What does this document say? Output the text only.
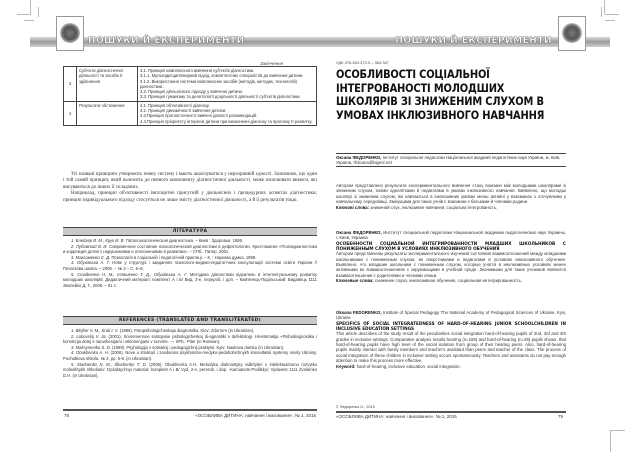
ПОШУКИ Й ЕКСПЕРИМЕНТИ
Закінчення
3	Суб'єкти діагностичної діяльності та засоби її здійснення	3.1. Принцип комплексного вивчення суб'єктів діагностики.

3.1.1. Мультидисциплінарний підхід, компетентних спеціалістів до вивчення дитини.

3.1.2. Використання системи комплексних засобів (методів, методик, технологій) діагностики.

3.2. Принцип діяльнісного підходу у вивченні дитини.

3.3. Принцип гуманізму та деонтології доцільності діяльності суб'єктів діагностики.

4	Результати обстеження	4.1. Принцип об'єктивності діагнозу.

4.2. Принцип динамічності вивчення дитини.

4.3.Принцип прогностичності вивчені дієвості рекомендацій.

4.4.Принцип пріоритету інтересів дитини при визначенні діагнозу та прогнозу її розвитку.

Усі названі принципи утворюють певну систему і мають аналізуватися у нерозривній єдності. Зазначимо, що один і той самий принцип, який належить до певного компоненту діагностичної діяльності, може охоплювати вимоги, які висуваються до інших її складових.

Наприклад, принцип об'єктивності імпліцитно присутній у діяльнісних і процедурних аспектах діагностики; принцип індивідуального підходу стосується не лише змісту діагностичної діяльності, а й її результатів тощо.

ЛІТЕРАТУРА

1. Блейхер В. М., Крук И. В. Патопсихологическая диагностика. – Киев : Здоровья, 1986.

2. Лубовский В. И. Современное состояние психологической диагностики в дефектологии. Хрестоматия «Психодиагностика и коррекция детей с нарушениями и отклонениями в развитии». – СПб.: Питер, 2001.

3. Максименко С. Д. Психологія в соціальній і педагогічній практиці. – К. : Наукова думка, 1999.

4. Обухівська А. Г. Нове у структурі і завданнях психолого-медико-педагогічних консультацій системи освіти України // Початкова школа. – 2006. – № 2 – С. 5–8.

5. Стадненко Н. М., Ілляшенко Т. Д., Обухівська А. Г. Методика діагностики відхилень в інтелектуальному розвитку молодших школярів: Дидактичний матеріал: комплект А і Б/ Вид. 2-е, перероб. і доп. – Кам'янець-Подільський: Видавець 1111 Зволейко Д. Г., 2006. – 81 с.

REFERENCES (TRANSLATED AND TRANSLITERATED)

1. Blejher V. M., Kruk I. V. (1986). Patopsihologicheskaja diagnostika. Kiev: Zdorov'e (in Ukrainian).

2. Lubovskij V. Ja. (2001). Sovremennoe sostojanie psihologicheskoj di-agnostiki v defektologi. Hrestomatija «Psihodiagnostika i korrekcija detej s narushenijami i otklonenijami v razvitii». — SPb.: Piter (in Russian).

3. Maksymenko S. D. (1999). Psyhologija v sotsialnij i pedagogichnij praktytsi. Kyiv: Naukova dumka (in Ukrainian).

4. Obukhivska A. H. (2006). Nove u strukturi i zavdannia psykholoho-medyko-pedahohichnykh konsultatsii systemy osvity Ukrainy. Pochatkova shkola, № 2, pp. 5-8. (in Ukrainian).

5. Stadnenko N. M., Illiashenko T. D. (2006). Obukhivska A.H. Metodyka diahnostyky vidkhylen v intelektualnomu rozvytku molodshykh shkoliariv: Dydaktychnyi material: komplekt A i B/ Vyd. 2-e, pererob. i dop. -Kamianets-Podilskyi: Vydavets 1111 Zvoilenko D.H. (in Ukrainian).

78	«ОСОБЛИВА ДИТИНА: навчання і виховання», № 1, 2015
ПОШУКИ Й ЕКСПЕРИМЕНТИ
УДК 376.353.373.3 – 364.347
ОСОБЛИВОСТІ СОЦІАЛЬНОЇ ІНТЕГРОВАНОСТІ МОЛОДШИХ ШКОЛЯРІВ ЗІ ЗНИЖЕНИМ СЛУХОМ В УМОВАХ ІНКЛЮЗИВНОГО НАВЧАННЯ
Оксана ФЕДОРЕНКО, Інститут спеціальної педагогіки Національної академії педагогічних наук України, м. Київ, Україна, rfolcana@bigmir.net

Автором представлено результати експериментального вивчення стану взаємин між молодшими школярами зі зниженим слухом, їхніми однолітками й педагогами в умовах інклюзивного навчання. Виявлено, що молодші школярі зі зниженим слухом, які навчаються в інклюзивних умовах менш активні у взаєминах з оточуючими у навчальному середовищі. Змінущими для таких учнів є взаємини з батьками й членами родини.

Ключові слова: знижений слух, інклюзивне навчання, соціальна інтегрованість.

Оксана ФЕДОРЕНКО, Институт специальной педагогики Национальной академии педагогических наук Украины, г. Киев, Украина

ОСОБЕННОСТИ СОЦИАЛЬНОЙ ИНТЕГРИРОВАННОСТИ МЛАДШИХ ШКОЛЬНИКОВ С ПОНИЖЕННЫМ СЛУХОМ В УСЛОВИЯХ ИНКЛЮЗИВНОГО ОБУЧЕНИЯ

Автором представлены результаты экспериментального изучения состояния взаимоотношений между младшими школьниками с пониженным слухом, их сверстниками и педагогами в условиях инклюзивного обучения. Выявлено, что младшие школьники с пониженным слухом, которые учатся в инклюзивных условиях менее активными во взаимоотношениях с окружающими в учебной среде. Значимыми для таких учеников являются взаимоотношения с родителями и членами семьи.

Ключевые слова: снижение слуха, инклюзивное обучение, социальная интегрированность.

Oksana FEDORENKO, Institute of Special Pedagogy The National Academy of Pedagogical Sciences of Ukraine, Kyiv, Ukraine

SPECIFICS OF SOCIAL INTEGRATEDNESS OF HARD-OF-HEARING JUNIOR SCHOOLCHILDREN IN INCLUSIVE EDUCATION SETTINGS

This article describes of the study result of the peculiarities social integration hard-of-hearing pupils of 2nd, 3rd and 4th grades in inclusive settings. Comparative analysis results hearing (n=185) and hard-of-hearing (n=26) pupils shows, that hard-of-hearing pupils have high level of the social isolation from group of their hearing peers. Also, hard-of-hearing pupils mainly interact with family members and teacher's assistant than peers and teacher of the class. The process of social integration of these children in inclusive setting occurs spontaneously. Teachers and assistants do not pay enough attention to make this process more effective.

Keyword: hard-of-hearing, inclusive education, social integration.

© Федоренко О., 2015
«ОСОБЛИВА ДИТИНА: навчання і виховання», № 1, 2015	79
